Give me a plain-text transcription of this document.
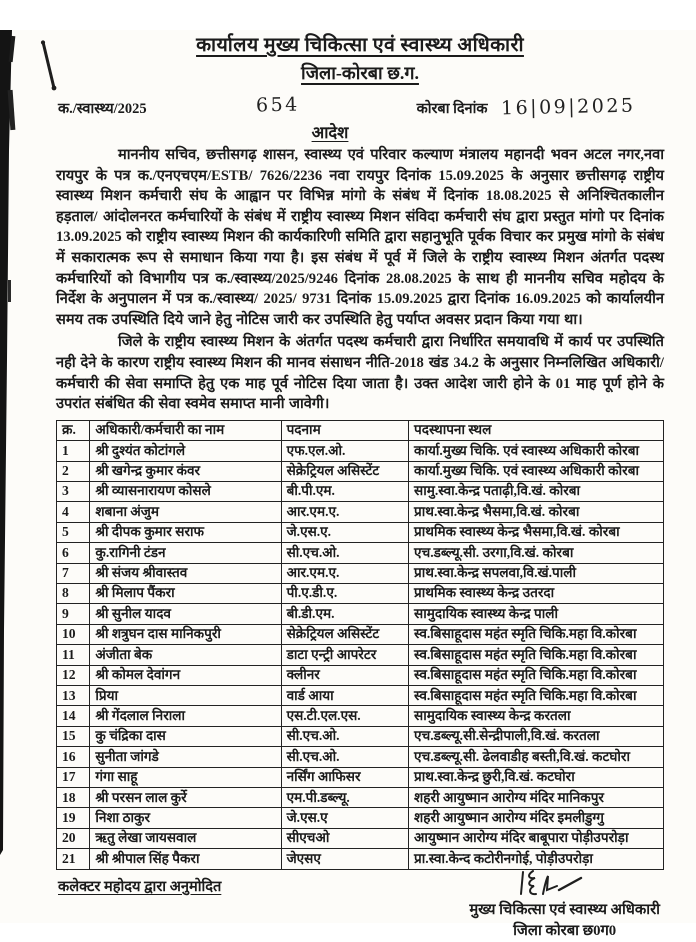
कार्यालय मुख्य चिकित्सा एवं स्वास्थ्य अधिकारी
जिला-कोरबा छ.ग.
क./स्वास्थ्य/2025	654	कोरबा दिनांक 16|09|2025
आदेश

माननीय सचिव, छत्तीसगढ़ शासन, स्वास्थ्य एवं परिवार कल्याण मंत्रालय महानदी भवन अटल नगर,नवा रायपुर के पत्र क./एनएचएम/ESTB/ 7626/2236 नवा रायपुर दिनांक 15.09.2025 के अनुसार छत्तीसगढ़ राष्ट्रीय स्वास्थ्य मिशन कर्मचारी संघ के आह्वान पर विभिन्न मांगो के संबंध में दिनांक 18.08.2025 से अनिश्चितकालीन हड़ताल/ आंदोलनरत कर्मचारियों के संबंध में राष्ट्रीय स्वास्थ्य मिशन संविदा कर्मचारी संघ द्वारा प्रस्तुत मांगो पर दिनांक 13.09.2025 को राष्ट्रीय स्वास्थ्य मिशन की कार्यकारिणी समिति द्वारा सहानुभूति पूर्वक विचार कर प्रमुख मांगो के संबंध में सकारात्मक रूप से समाधान किया गया है। इस संबंध में पूर्व में जिले के राष्ट्रीय स्वास्थ्य मिशन अंतर्गत पदस्थ कर्मचारियों को विभागीय पत्र क./स्वास्थ्य/2025/9246 दिनांक 28.08.2025 के साथ ही माननीय सचिव महोदय के निर्देश के अनुपालन में पत्र क./स्वास्थ्य/ 2025/ 9731 दिनांक 15.09.2025 द्वारा दिनांक 16.09.2025 को कार्यालयीन समय तक उपस्थिति दिये जाने हेतु नोटिस जारी कर उपस्थिति हेतु पर्याप्त अवसर प्रदान किया गया था।

जिले के राष्ट्रीय स्वास्थ्य मिशन के अंतर्गत पदस्थ कर्मचारी द्वारा निर्धारित समयावधि में कार्य पर उपस्थिति नही देने के कारण राष्ट्रीय स्वास्थ्य मिशन की मानव संसाधन नीति-2018 खंड 34.2 के अनुसार निम्नलिखित अधिकारी/ कर्मचारी की सेवा समाप्ति हेतु एक माह पूर्व नोटिस दिया जाता है। उक्त आदेश जारी होने के 01 माह पूर्ण होने के उपरांत संबंधित की सेवा स्वमेव समाप्त मानी जावेगी।

क्र.	अधिकारी/कर्मचारी का नाम	पदनाम	पदस्थापना स्थल
1	श्री दुश्यंत कोटांगले	एफ.एल.ओ.	कार्या.मुख्य चिकि. एवं स्वास्थ्य अधिकारी कोरबा
2	श्री खगेन्द्र कुमार कंवर	सेक्रेट्रियल असिस्टेंट	कार्या.मुख्य चिकि. एवं स्वास्थ्य अधिकारी कोरबा
3	श्री व्यासनारायण कोसले	बी.पी.एम.	सामु.स्वा.केन्द्र पताढ़ी,वि.खं. कोरबा
4	शबाना अंजुम	आर.एम.ए.	प्राथ.स्वा.केन्द्र भैसमा,वि.खं. कोरबा
5	श्री दीपक कुमार सराफ	जे.एस.ए.	प्राथमिक स्वास्थ्य केन्द्र भैसमा,वि.खं. कोरबा
6	कु.रागिनी टंडन	सी.एच.ओ.	एच.डब्ल्यू.सी. उरगा,वि.खं. कोरबा
7	श्री संजय श्रीवास्तव	आर.एम.ए.	प्राथ.स्वा.केन्द्र सपलवा,वि.खं.पाली
8	श्री मिलाप पैंकरा	पी.ए.डी.ए.	प्राथमिक स्वास्थ्य केन्द्र उतरदा
9	श्री सुनील यादव	बी.डी.एम.	सामुदायिक स्वास्थ्य केन्द्र पाली
10	श्री शत्रुघन दास मानिकपुरी	सेक्रेट्रियल असिस्टेंट	स्व.बिसाहूदास महंत स्मृति चिकि.महा वि.कोरबा
11	अंजीता बेक	डाटा एन्ट्री आपरेटर	स्व.बिसाहूदास महंत स्मृति चिकि.महा वि.कोरबा
12	श्री कोमल देवांगन	क्लीनर	स्व.बिसाहूदास महंत स्मृति चिकि.महा वि.कोरबा
13	प्रिया	वार्ड आया	स्व.बिसाहूदास महंत स्मृति चिकि.महा वि.कोरबा
14	श्री गेंदलाल निराला	एस.टी.एल.एस.	सामुदायिक स्वास्थ्य केन्द्र करतला
15	कु चंद्रिका दास	सी.एच.ओ.	एच.डब्ल्यू.सी.सेन्द्रीपाली,वि.खं. करतला
16	सुनीता जांगडे	सी.एच.ओ.	एच.डब्ल्यू.सी. ढेलवाडीह बस्ती,वि.खं. कटघोरा
17	गंगा साहू	नर्सिंग आफिसर	प्राथ.स्वा.केन्द्र छुरी,वि.खं. कटघोरा
18	श्री परसन लाल कुर्रे	एम.पी.डब्ल्यू.	शहरी आयुष्मान आरोग्य मंदिर मानिकपुर
19	निशा ठाकुर	जे.एस.ए	शहरी आयुष्मान आरोग्य मंदिर इमलीडुग्गु
20	ऋतु लेखा जायसवाल	सीएचओ	आयुष्मान आरोग्य मंदिर बाबूपारा पोड़ीउपरोड़ा
21	श्री श्रीपाल सिंह पैकरा	जेएसए	प्रा.स्वा.केन्द कटोरीनगोई, पोड़ीउपरोड़ा
कलेक्टर महोदय द्वारा अनुमोदित
मुख्य चिकित्सा एवं स्वास्थ्य अधिकारी
जिला कोरबा छ0ग0
